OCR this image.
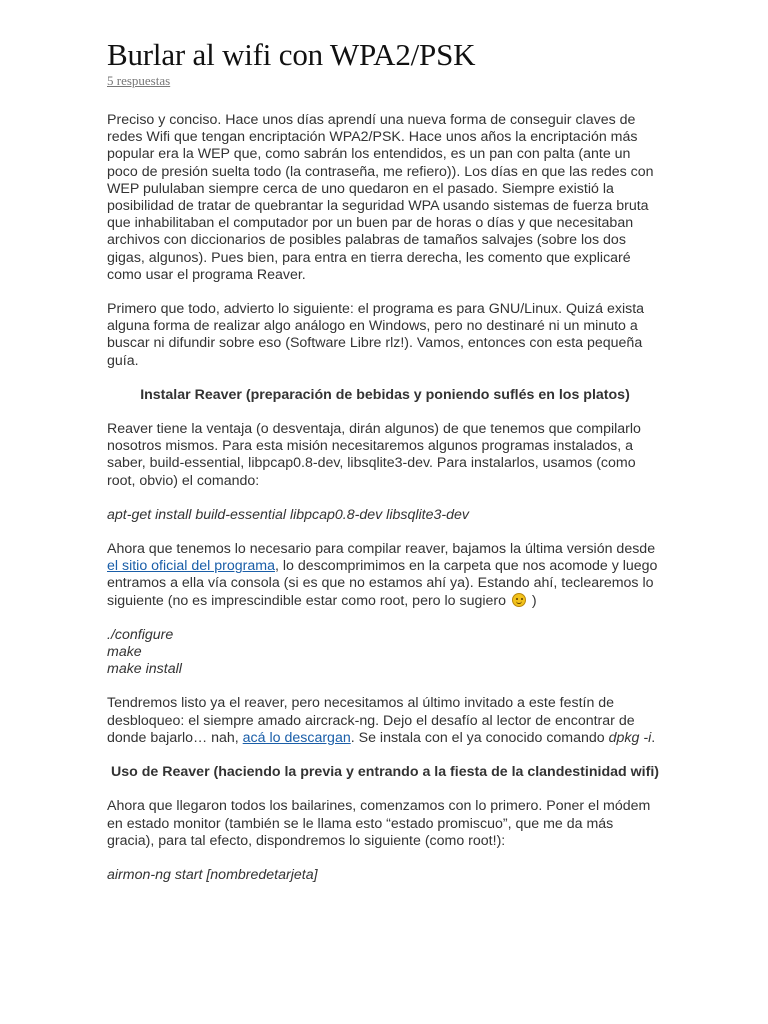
Burlar al wifi con WPA2/PSK
5 respuestas

Preciso y conciso. Hace unos días aprendí una nueva forma de conseguir claves de redes Wifi que tengan encriptación WPA2/PSK. Hace unos años la encriptación más popular era la WEP que, como sabrán los entendidos, es un pan con palta (ante un poco de presión suelta todo (la contraseña, me refiero)). Los días en que las redes con WEP pululaban siempre cerca de uno quedaron en el pasado. Siempre existió la posibilidad de tratar de quebrantar la seguridad WPA usando sistemas de fuerza bruta que inhabilitaban el computador por un buen par de horas o días y que necesitaban archivos con diccionarios de posibles palabras de tamaños salvajes (sobre los dos gigas, algunos). Pues bien, para entra en tierra derecha, les comento que explicaré como usar el programa Reaver.

Primero que todo, advierto lo siguiente: el programa es para GNU/Linux. Quizá exista alguna forma de realizar algo análogo en Windows, pero no destinaré ni un minuto a buscar ni difundir sobre eso (Software Libre rlz!). Vamos, entonces con esta pequeña guía.

Instalar Reaver (preparación de bebidas y poniendo suflés en los platos)

Reaver tiene la ventaja (o desventaja, dirán algunos) de que tenemos que compilarlo nosotros mismos. Para esta misión necesitaremos algunos programas instalados, a saber, build-essential, libpcap0.8-dev, libsqlite3-dev. Para instalarlos, usamos (como root, obvio) el comando:

apt-get install build-essential libpcap0.8-dev libsqlite3-dev

Ahora que tenemos lo necesario para compilar reaver, bajamos la última versión desde el sitio oficial del programa, lo descomprimimos en la carpeta que nos acomode y luego entramos a ella vía consola (si es que no estamos ahí ya). Estando ahí, teclearemos lo siguiente (no es imprescindible estar como root, pero lo sugiero  )

./configure
make
make install

Tendremos listo ya el reaver, pero necesitamos al último invitado a este festín de desbloqueo: el siempre amado aircrack-ng. Dejo el desafío al lector de encontrar de donde bajarlo… nah, acá lo descargan. Se instala con el ya conocido comando dpkg -i.

Uso de Reaver (haciendo la previa y entrando a la fiesta de la clandestinidad wifi)

Ahora que llegaron todos los bailarines, comenzamos con lo primero. Poner el módem en estado monitor (también se le llama esto “estado promiscuo”, que me da más gracia), para tal efecto, dispondremos lo siguiente (como root!):

airmon-ng start [nombredetarjeta]
